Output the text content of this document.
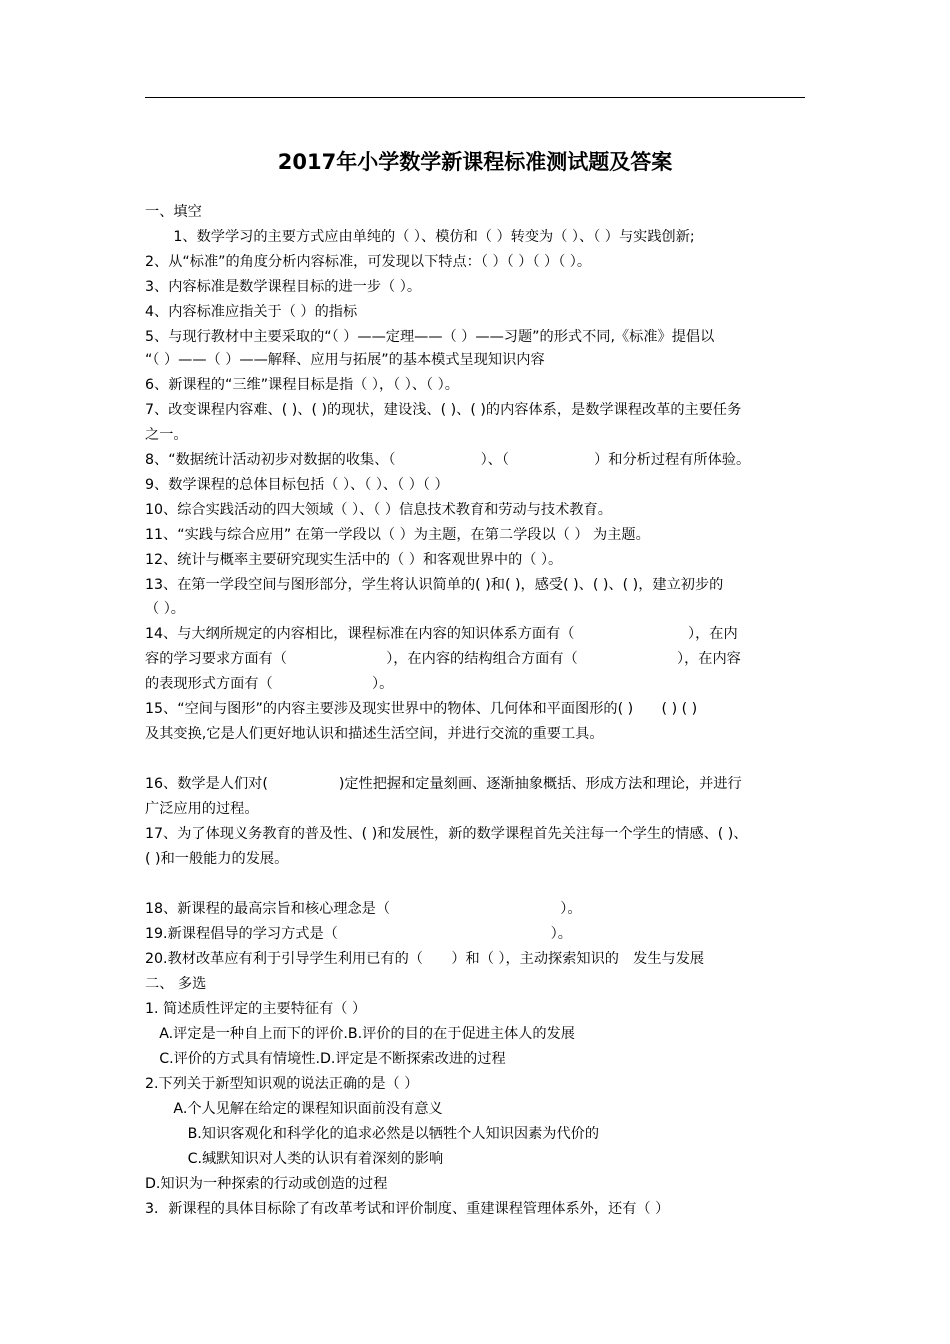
2017年小学数学新课程标准测试题及答案
一、填空
　　1、数学学习的主要方式应由单纯的（ ）、模仿和（ ）转变为（ ）、（ ）与实践创新;
2、从“标准”的角度分析内容标准，可发现以下特点：（ ）（ ）（ ）（ ）。
3、内容标准是数学课程目标的进一步（ ）。
4、内容标准应指关于（ ）的指标
5、与现行教材中主要采取的“（ ）——定理——（ ）——习题”的形式不同,《标准》提倡以
“（ ）——（ ）——解释、应用与拓展”的基本模式呈现知识内容
6、新课程的“三维”课程目标是指（ ），（ ）、（ ）。
7、改变课程内容难、( )、( )的现状，建设浅、( )、( )的内容体系，是数学课程改革的主要任务
之一。
8、“数据统计活动初步对数据的收集、（　　　　　　）、（　　　　　　）和分析过程有所体验。
9、数学课程的总体目标包括（ ）、（ ）、（ ）（ ）
10、综合实践活动的四大领域（ ）、（ ）信息技术教育和劳动与技术教育。
11、“实践与综合应用” 在第一学段以（ ）为主题，在第二学段以（ ） 为主题。
12、统计与概率主要研究现实生活中的（ ）和客观世界中的（ ）。
13、在第一学段空间与图形部分，学生将认识简单的( )和( )，感受( )、( )、( )，建立初步的
（ ）。
14、与大纲所规定的内容相比，课程标准在内容的知识体系方面有（　　　　　　　　），在内
容的学习要求方面有（　　　　　　　），在内容的结构组合方面有（　　　　　　　），在内容
的表现形式方面有（　　　　　　　）。
15、“空间与图形”的内容主要涉及现实世界中的物体、几何体和平面图形的( )　　( ) ( )
及其变换,它是人们更好地认识和描述生活空间，并进行交流的重要工具。
16、数学是人们对(　　　　　)定性把握和定量刻画、逐渐抽象概括、形成方法和理论，并进行
广泛应用的过程。
17、为了体现义务教育的普及性、( )和发展性，新的数学课程首先关注每一个学生的情感、( )、
( )和一般能力的发展。
18、新课程的最高宗旨和核心理念是（　　　　　　　　　　　　）。
19.新课程倡导的学习方式是（　　　　　　　　　　　　　　　）。
20.教材改革应有利于引导学生利用已有的（　　）和（ ），主动探索知识的　发生与发展
二、 多选
1. 简述质性评定的主要特征有（ ）
　A.评定是一种自上而下的评价.B.评价的目的在于促进主体人的发展
　C.评价的方式具有情境性.D.评定是不断探索改进的过程
2.下列关于新型知识观的说法正确的是（ ）
　　A.个人见解在给定的课程知识面前没有意义
　　　B.知识客观化和科学化的追求必然是以牺牲个人知识因素为代价的
　　　C.缄默知识对人类的认识有着深刻的影响
D.知识为一种探索的行动或创造的过程
3．新课程的具体目标除了有改革考试和评价制度、重建课程管理体系外，还有（ ）
